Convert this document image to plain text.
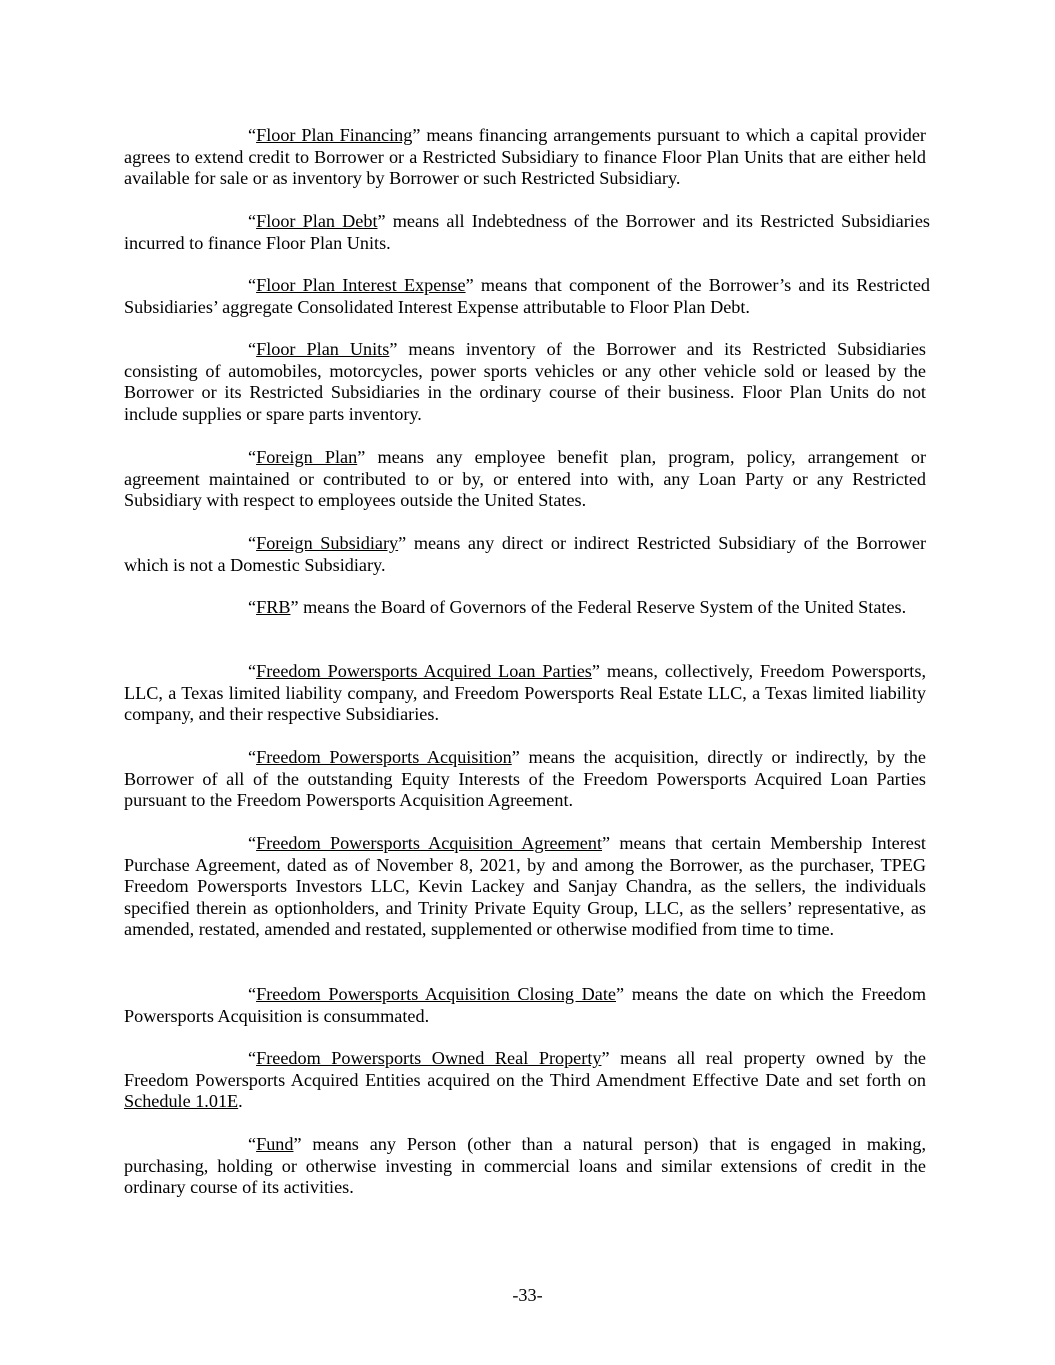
“Floor Plan Financing” means financing arrangements pursuant to which a capital provider agrees to extend credit to Borrower or a Restricted Subsidiary to finance Floor Plan Units that are either held available for sale or as inventory by Borrower or such Restricted Subsidiary.

“Floor Plan Debt” means all Indebtedness of the Borrower and its Restricted Subsidiaries incurred to finance Floor Plan Units.

“Floor Plan Interest Expense” means that component of the Borrower’s and its Restricted Subsidiaries’ aggregate Consolidated Interest Expense attributable to Floor Plan Debt.

“Floor Plan Units” means inventory of the Borrower and its Restricted Subsidiaries consisting of automobiles, motorcycles, power sports vehicles or any other vehicle sold or leased by the Borrower or its Restricted Subsidiaries in the ordinary course of their business. Floor Plan Units do not include supplies or spare parts inventory.

“Foreign Plan” means any employee benefit plan, program, policy, arrangement or agreement maintained or contributed to or by, or entered into with, any Loan Party or any Restricted Subsidiary with respect to employees outside the United States.

“Foreign Subsidiary” means any direct or indirect Restricted Subsidiary of the Borrower which is not a Domestic Subsidiary.

“FRB” means the Board of Governors of the Federal Reserve System of the United States.

“Freedom Powersports Acquired Loan Parties” means, collectively, Freedom Powersports, LLC, a Texas limited liability company, and Freedom Powersports Real Estate LLC, a Texas limited liability company, and their respective Subsidiaries.

“Freedom Powersports Acquisition” means the acquisition, directly or indirectly, by the Borrower of all of the outstanding Equity Interests of the Freedom Powersports Acquired Loan Parties pursuant to the Freedom Powersports Acquisition Agreement.

“Freedom Powersports Acquisition Agreement” means that certain Membership Interest Purchase Agreement, dated as of November 8, 2021, by and among the Borrower, as the purchaser, TPEG Freedom Powersports Investors LLC, Kevin Lackey and Sanjay Chandra, as the sellers, the individuals specified therein as optionholders, and Trinity Private Equity Group, LLC, as the sellers’ representative, as amended, restated, amended and restated, supplemented or otherwise modified from time to time.

“Freedom Powersports Acquisition Closing Date” means the date on which the Freedom Powersports Acquisition is consummated.

“Freedom Powersports Owned Real Property” means all real property owned by the Freedom Powersports Acquired Entities acquired on the Third Amendment Effective Date and set forth on Schedule 1.01E.

“Fund” means any Person (other than a natural person) that is engaged in making, purchasing, holding or otherwise investing in commercial loans and similar extensions of credit in the ordinary course of its activities.

-33-
